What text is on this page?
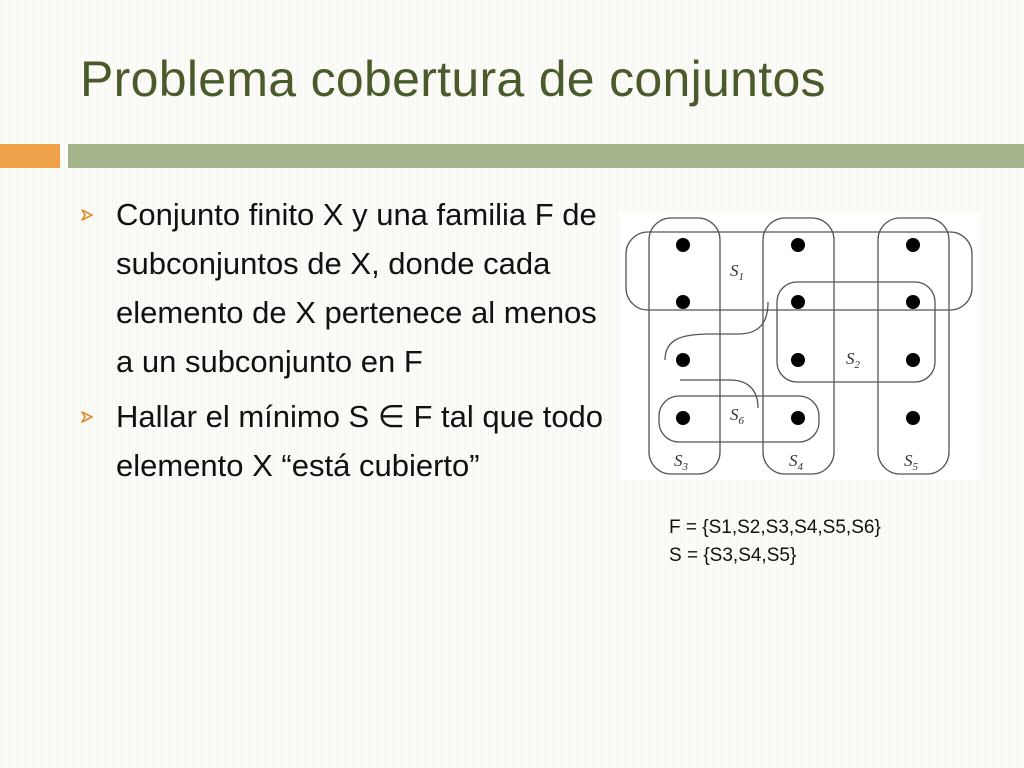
Problema cobertura de conjuntos
Conjunto finito X y una familia F de subconjuntos de X, donde cada elemento de X pertenece al menos a un subconjunto en F
Hallar el mínimo S ∈ F tal que todo elemento X “está cubierto”
$S_1$
$S_2$
$S_3$	$S_4$	$S_5$
$S_6$
F = {S1,S2,S3,S4,S5,S6}
S = {S3,S4,S5}
